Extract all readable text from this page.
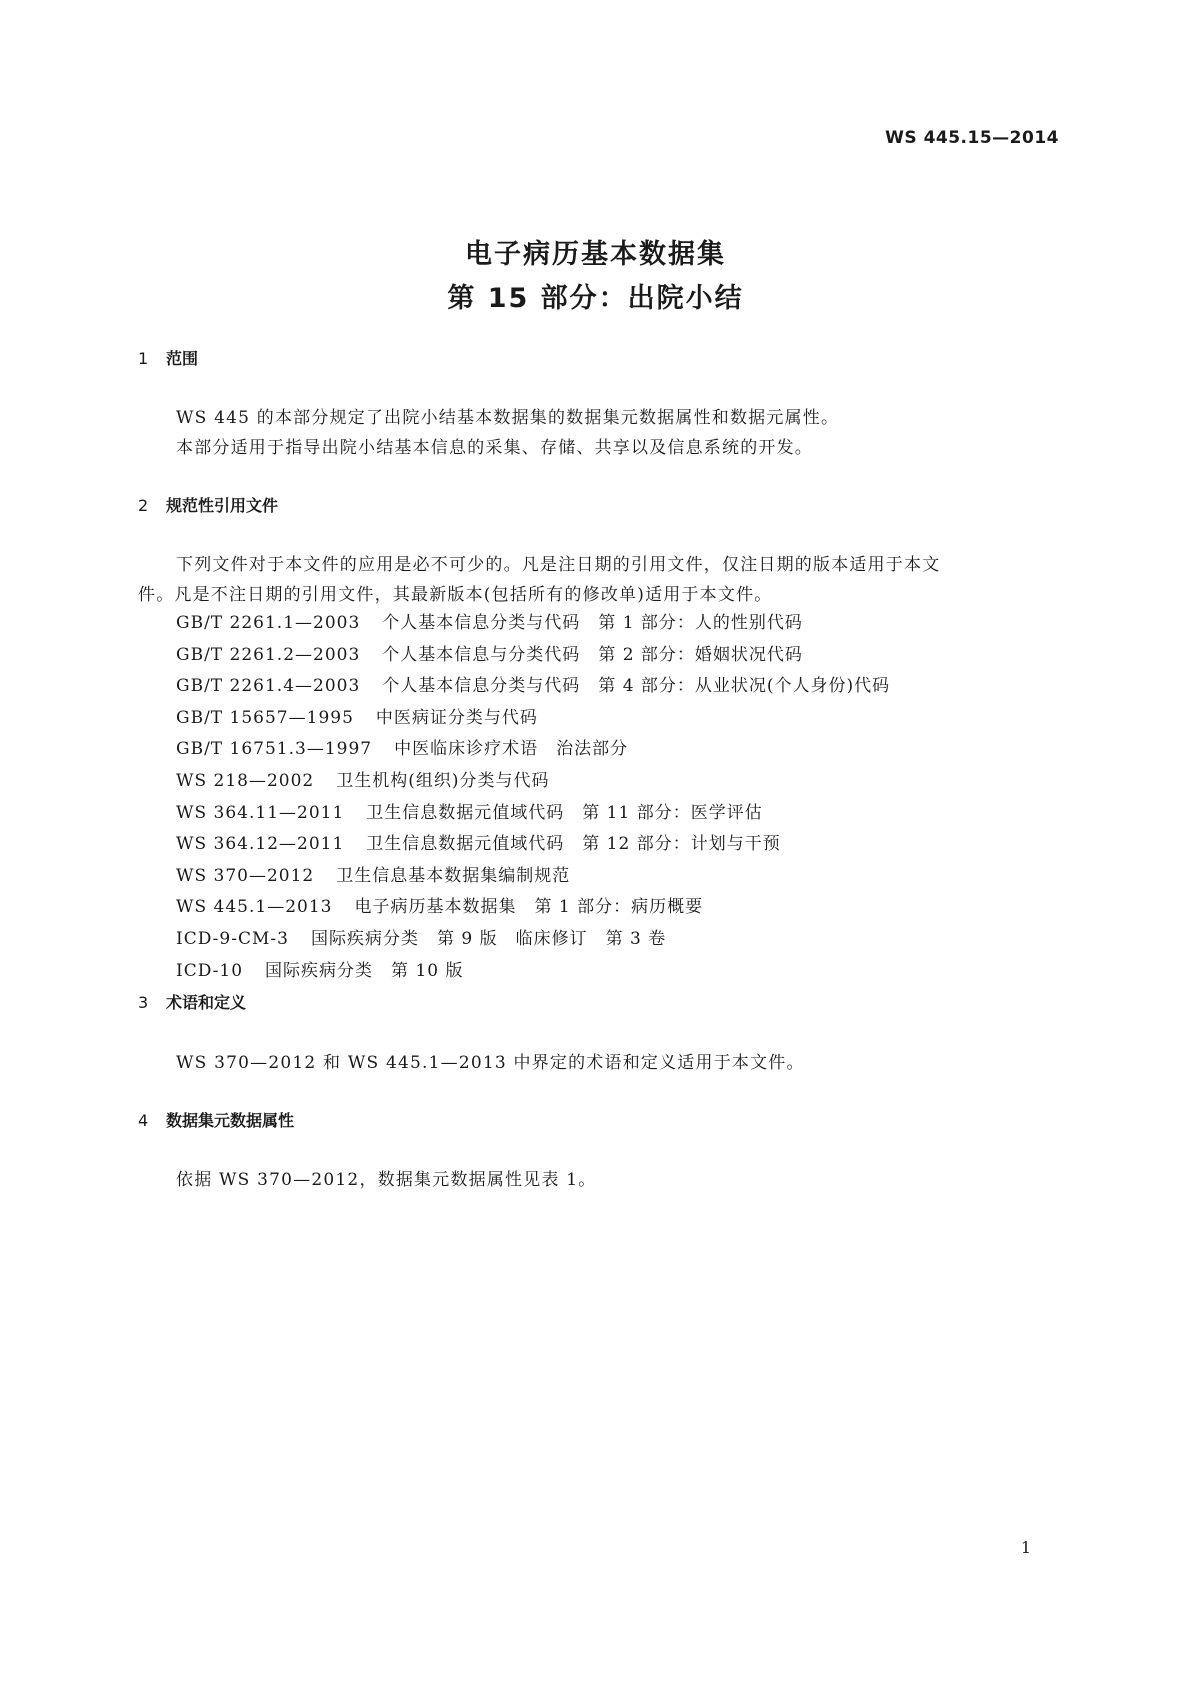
WS 445.15—2014
电子病历基本数据集
第 15 部分：出院小结
1 范围
WS 445 的本部分规定了出院小结基本数据集的数据集元数据属性和数据元属性。
本部分适用于指导出院小结基本信息的采集、存储、共享以及信息系统的开发。
2 规范性引用文件
下列文件对于本文件的应用是必不可少的。凡是注日期的引用文件，仅注日期的版本适用于本文
件。凡是不注日期的引用文件，其最新版本(包括所有的修改单)适用于本文件。
GB/T 2261.1—2003 个人基本信息分类与代码　第 1 部分：人的性别代码
GB/T 2261.2—2003 个人基本信息与分类代码　第 2 部分：婚姻状况代码
GB/T 2261.4—2003 个人基本信息分类与代码　第 4 部分：从业状况(个人身份)代码
GB/T 15657—1995 中医病证分类与代码
GB/T 16751.3—1997 中医临床诊疗术语　治法部分
WS 218—2002 卫生机构(组织)分类与代码
WS 364.11—2011 卫生信息数据元值域代码　第 11 部分：医学评估
WS 364.12—2011 卫生信息数据元值域代码　第 12 部分：计划与干预
WS 370—2012 卫生信息基本数据集编制规范
WS 445.1—2013 电子病历基本数据集　第 1 部分：病历概要
ICD-9-CM-3 国际疾病分类　第 9 版　临床修订　第 3 卷
ICD-10 国际疾病分类　第 10 版
3 术语和定义
WS 370—2012 和 WS 445.1—2013 中界定的术语和定义适用于本文件。
4 数据集元数据属性
依据 WS 370—2012，数据集元数据属性见表 1。
1
